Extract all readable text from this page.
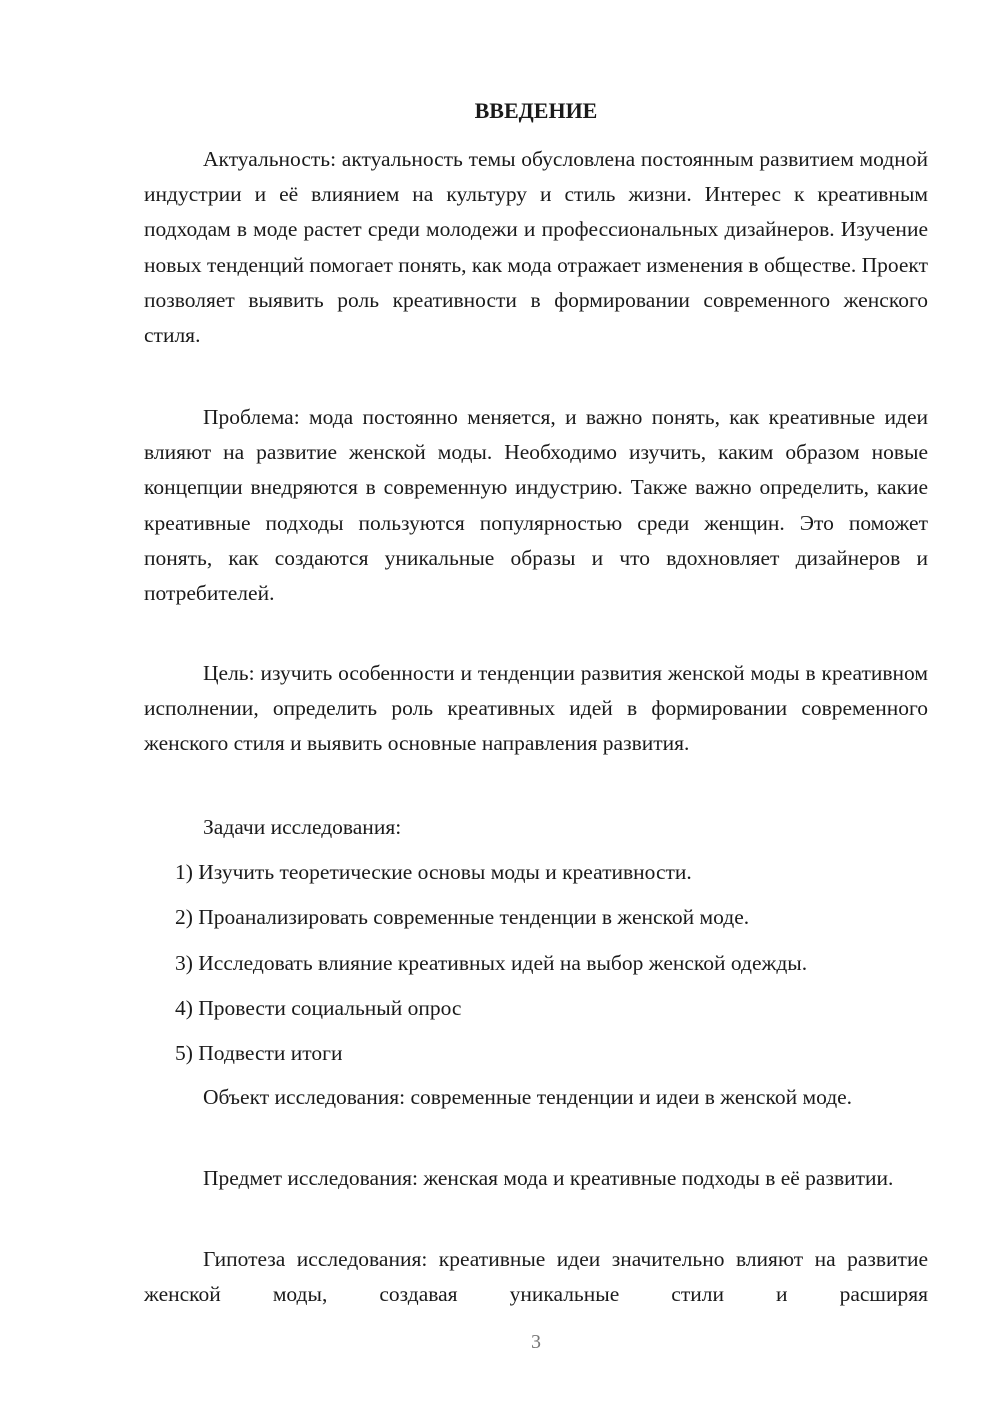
ВВЕДЕНИЕ

Актуальность: актуальность темы обусловлена постоянным развитием модной индустрии и её влиянием на культуру и стиль жизни. Интерес к креативным подходам в моде растет среди молодежи и профессиональных дизайнеров. Изучение новых тенденций помогает понять, как мода отражает изменения в обществе. Проект позволяет выявить роль креативности в формировании современного женского стиля.

Проблема: мода постоянно меняется, и важно понять, как креативные идеи влияют на развитие женской моды. Необходимо изучить, каким образом новые концепции внедряются в современную индустрию. Также важно определить, какие креативные подходы пользуются популярностью среди женщин. Это поможет понять, как создаются уникальные образы и что вдохновляет дизайнеров и потребителей.

Цель: изучить особенности и тенденции развития женской моды в креативном исполнении, определить роль креативных идей в формировании современного женского стиля и выявить основные направления развития.

Задачи исследования:
1) Изучить теоретические основы моды и креативности.
2) Проанализировать современные тенденции в женской моде.
3) Исследовать влияние креативных идей на выбор женской одежды.
4) Провести социальный опрос
5) Подвести итоги

Объект исследования: современные тенденции и идеи в женской моде.

Предмет исследования: женская мода и креативные подходы в её развитии.

Гипотеза исследования: креативные идеи значительно влияют на развитие женской моды, создавая уникальные стили и расширяя

3
